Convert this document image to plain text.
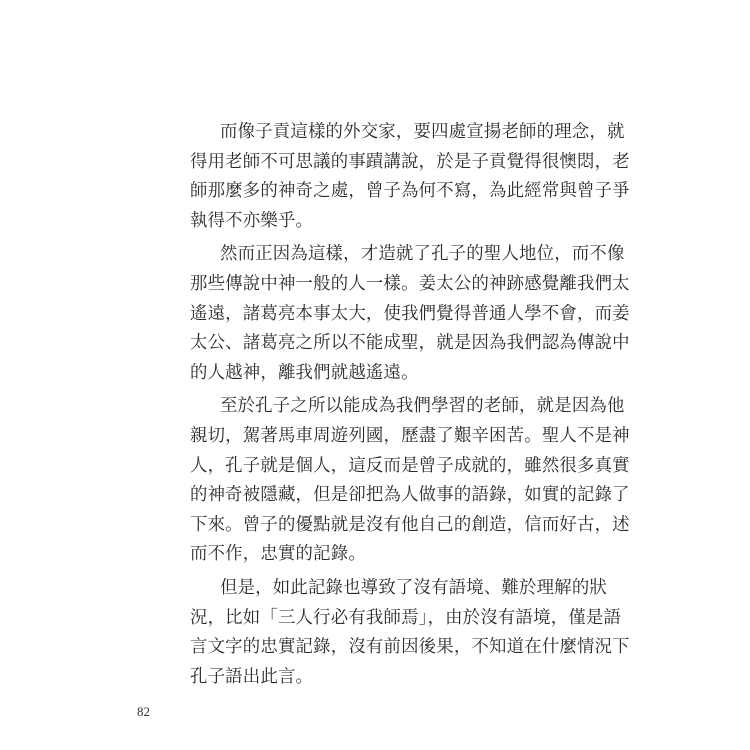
而像子貢這樣的外交家，要四處宣揚老師的理念，就
得用老師不可思議的事蹟講說，於是子貢覺得很懊悶，老
師那麼多的神奇之處，曾子為何不寫，為此經常與曾子爭
執得不亦樂乎。
然而正因為這樣，才造就了孔子的聖人地位，而不像
那些傳說中神一般的人一樣。姜太公的神跡感覺離我們太
遙遠，諸葛亮本事太大，使我們覺得普通人學不會，而姜
太公、諸葛亮之所以不能成聖，就是因為我們認為傳說中
的人越神，離我們就越遙遠。
至於孔子之所以能成為我們學習的老師，就是因為他
親切，駕著馬車周遊列國，歷盡了艱辛困苦。聖人不是神
人，孔子就是個人，這反而是曾子成就的，雖然很多真實
的神奇被隱藏，但是卻把為人做事的語錄，如實的記錄了
下來。曾子的優點就是沒有他自己的創造，信而好古，述
而不作，忠實的記錄。
但是，如此記錄也導致了沒有語境、難於理解的狀
況，比如「三人行必有我師焉」，由於沒有語境，僅是語
言文字的忠實記錄，沒有前因後果，不知道在什麼情況下
孔子語出此言。
82
